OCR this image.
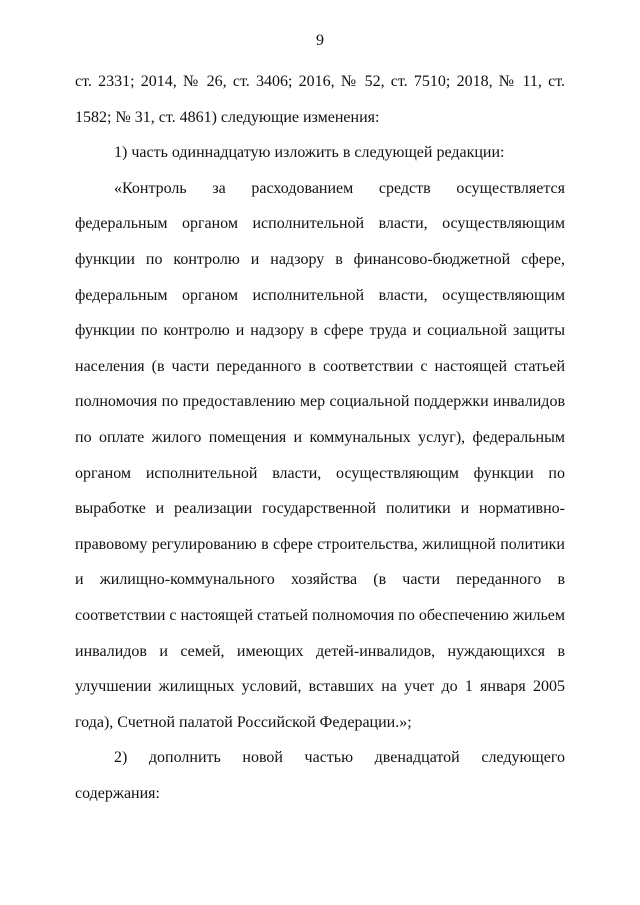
9

ст. 2331; 2014, № 26, ст. 3406; 2016, № 52, ст. 7510; 2018, № 11, ст. 1582; № 31, ст. 4861) следующие изменения:

1) часть одиннадцатую изложить в следующей редакции:

«Контроль за расходованием средств осуществляется федеральным органом исполнительной власти, осуществляющим функции по контролю и надзору в финансово-бюджетной сфере, федеральным органом исполнительной власти, осуществляющим функции по контролю и надзору в сфере труда и социальной защиты населения (в части переданного в соответствии с настоящей статьей полномочия по предоставлению мер социальной поддержки инвалидов по оплате жилого помещения и коммунальных услуг), федеральным органом исполнительной власти, осуществляющим функции по выработке и реализации государственной политики и нормативно-правовому регулированию в сфере строительства, жилищной политики и жилищно-коммунального хозяйства (в части переданного в соответствии с настоящей статьей полномочия по обеспечению жильем инвалидов и семей, имеющих детей-инвалидов, нуждающихся в улучшении жилищных условий, вставших на учет до 1 января 2005 года), Счетной палатой Российской Федерации.»;

2) дополнить новой частью двенадцатой следующего содержания:
